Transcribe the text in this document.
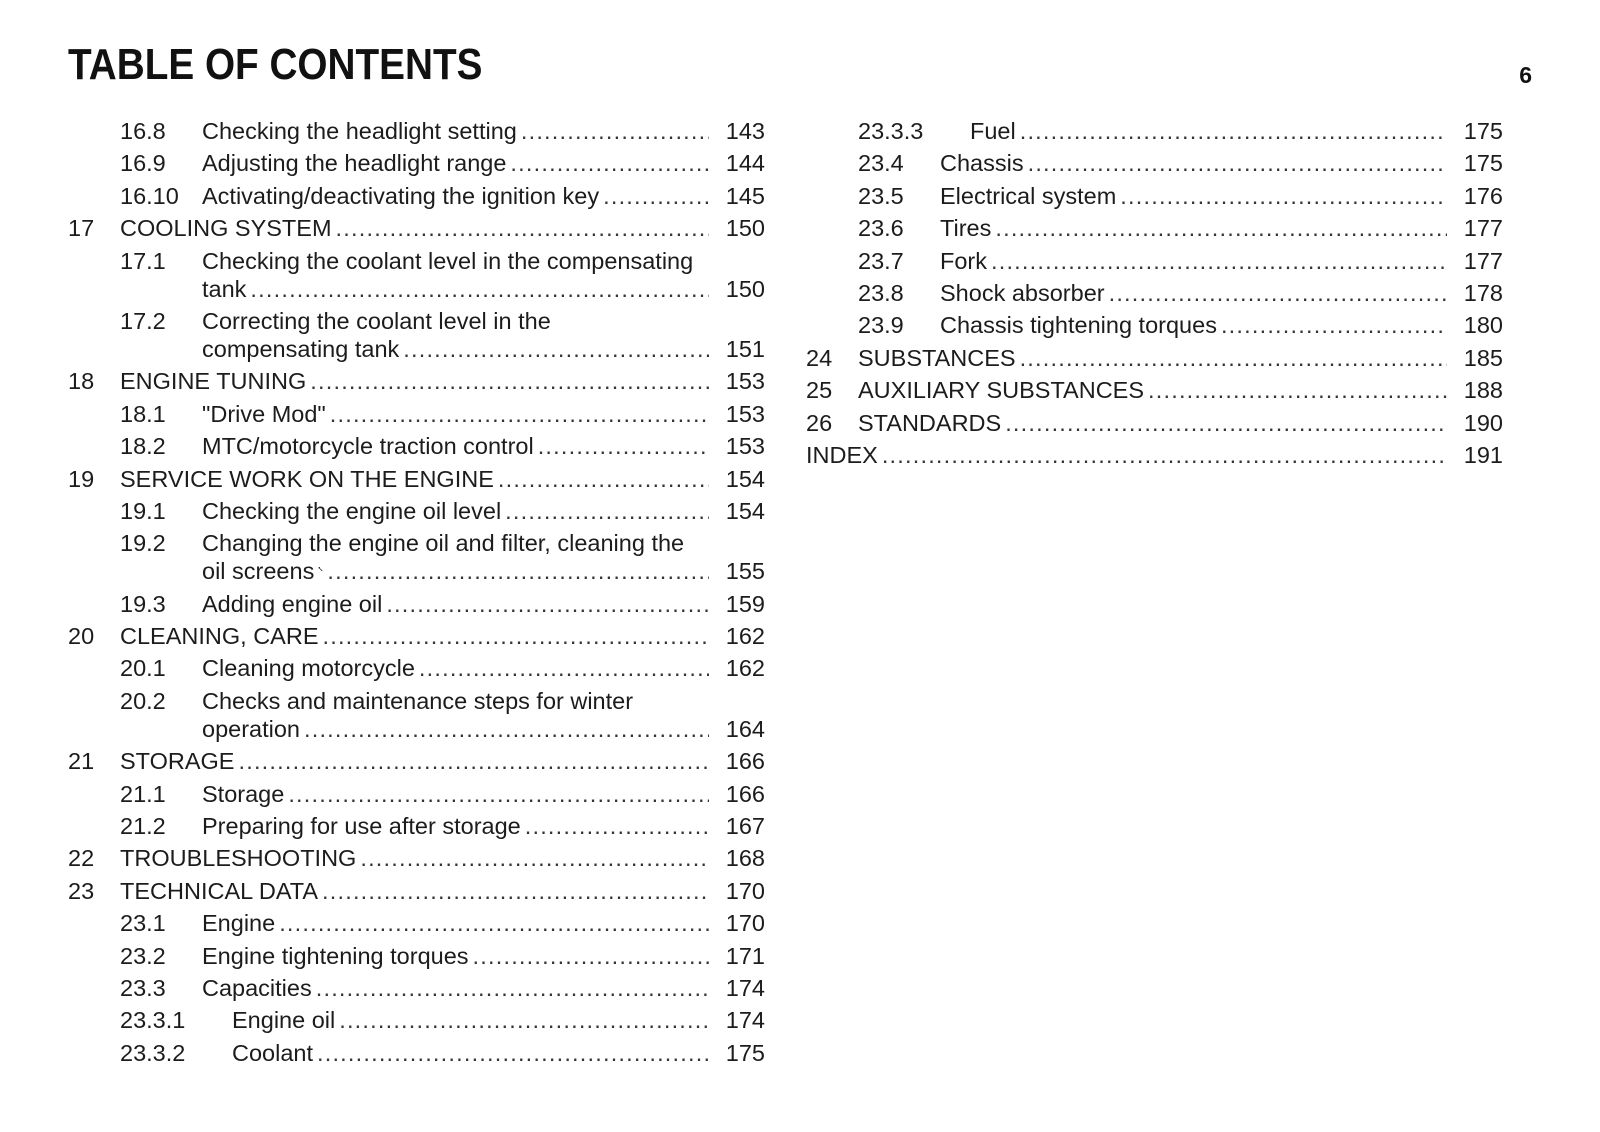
TABLE OF CONTENTS	6
16.8 Checking the headlight setting .....	143
16.9 Adjusting the headlight range .....	144
16.10 Activating/deactivating the ignition key .....	145
17 COOLING SYSTEM .....	150
17.1 Checking the coolant level in the compensating
tank .....	150
17.2 Correcting the coolant level in the
compensating tank .....	151
18 ENGINE TUNING .....	153
18.1 "Drive Mod" .....	153
18.2 MTC/motorcycle traction control .....	153
19 SERVICE WORK ON THE ENGINE .....	154
19.1 Checking the engine oil level .....	154
19.2 Changing the engine oil and filter, cleaning the
oil screens .....	155
19.3 Adding engine oil .....	159
20 CLEANING, CARE .....	162
20.1 Cleaning motorcycle .....	162
20.2 Checks and maintenance steps for winter
operation .....	164
21 STORAGE .....	166
21.1 Storage .....	166
21.2 Preparing for use after storage .....	167
22 TROUBLESHOOTING .....	168
23 TECHNICAL DATA .....	170
23.1 Engine .....	170
23.2 Engine tightening torques .....	171
23.3 Capacities .....	174
23.3.1 Engine oil .....	174
23.3.2 Coolant .....	175
23.3.3 Fuel .....	175
23.4 Chassis .....	175
23.5 Electrical system .....	176
23.6 Tires .....	177
23.7 Fork .....	177
23.8 Shock absorber .....	178
23.9 Chassis tightening torques .....	180
24 SUBSTANCES .....	185
25 AUXILIARY SUBSTANCES .....	188
26 STANDARDS .....	190
INDEX .....	191
